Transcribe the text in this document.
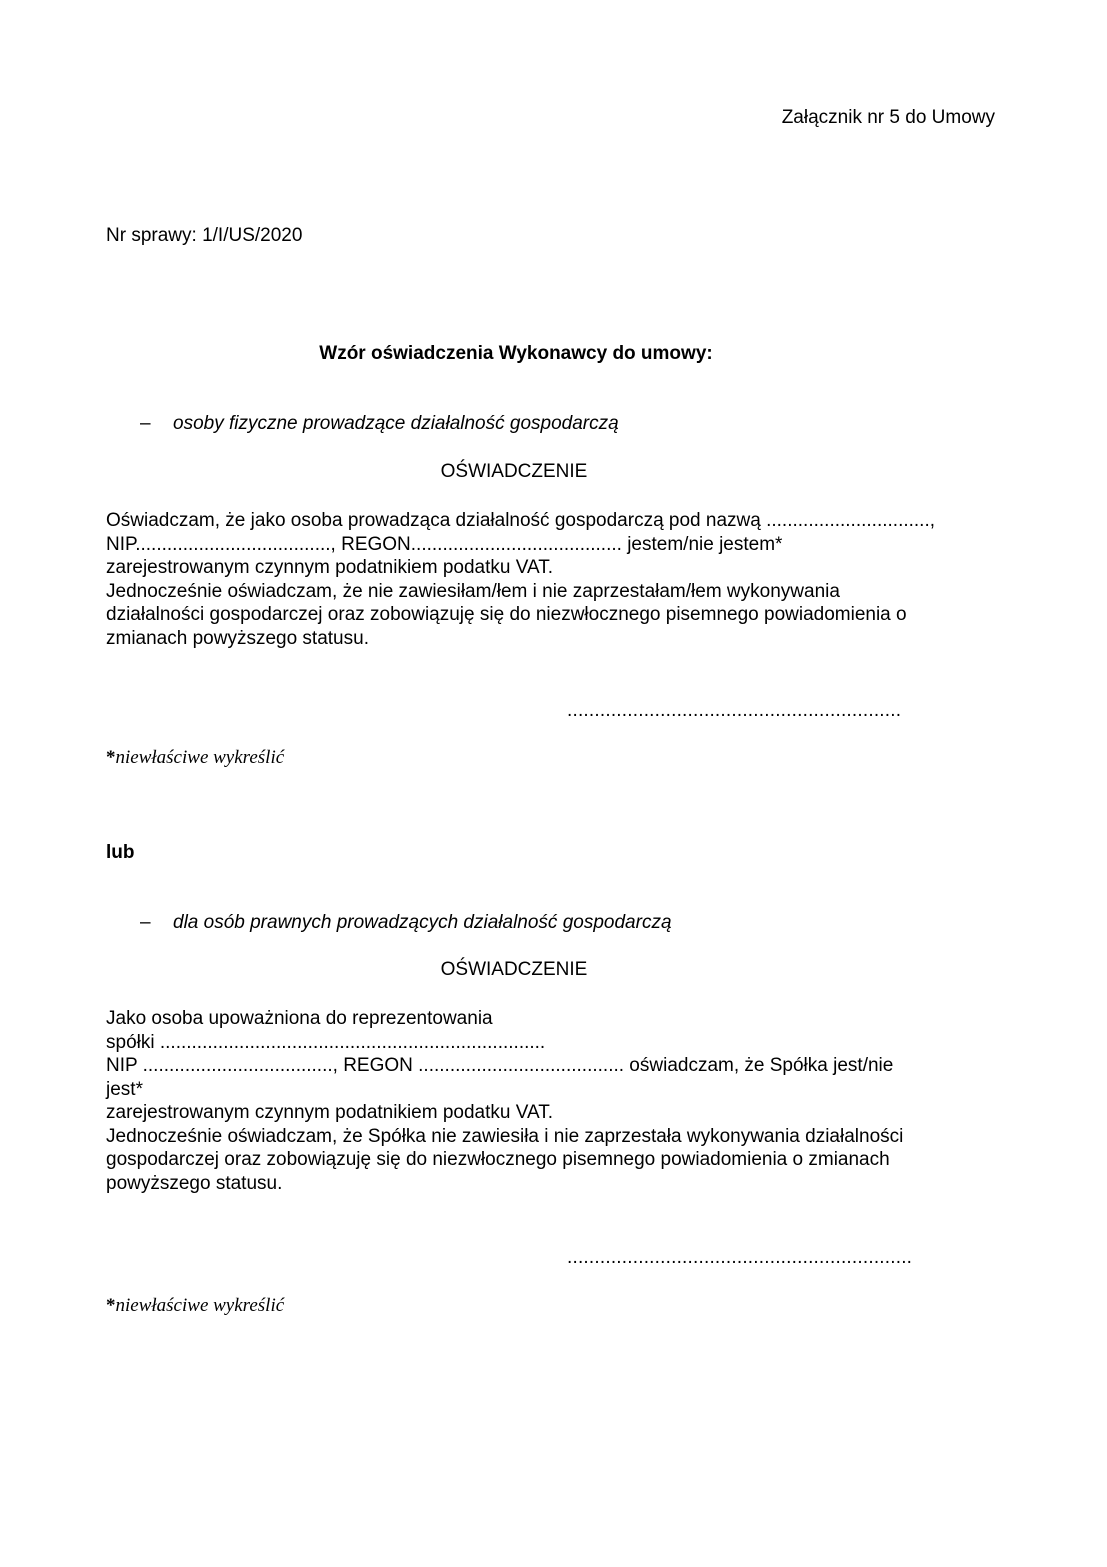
Załącznik nr 5 do Umowy
Nr sprawy: 1/I/US/2020
Wzór oświadczenia Wykonawcy do umowy:
– osoby fizyczne prowadzące działalność gospodarczą
OŚWIADCZENIE
Oświadczam, że jako osoba prowadząca działalność gospodarczą pod nazwą ...............................,
NIP....................................., REGON........................................ jestem/nie jestem*
zarejestrowanym czynnym podatnikiem podatku VAT.
Jednocześnie oświadczam, że nie zawiesiłam/łem i nie zaprzestałam/łem wykonywania
działalności gospodarczej oraz zobowiązuję się do niezwłocznego pisemnego powiadomienia o
zmianach powyższego statusu.
.............................................................
*niewłaściwe wykreślić
lub
– dla osób prawnych prowadzących działalność gospodarczą
OŚWIADCZENIE
Jako osoba upoważniona do reprezentowania
spółki .........................................................................
NIP ...................................., REGON ....................................... oświadczam, że Spółka jest/nie
jest*
zarejestrowanym czynnym podatnikiem podatku VAT.
Jednocześnie oświadczam, że Spółka nie zawiesiła i nie zaprzestała wykonywania działalności
gospodarczej oraz zobowiązuję się do niezwłocznego pisemnego powiadomienia o zmianach
powyższego statusu.
...............................................................
*niewłaściwe wykreślić
